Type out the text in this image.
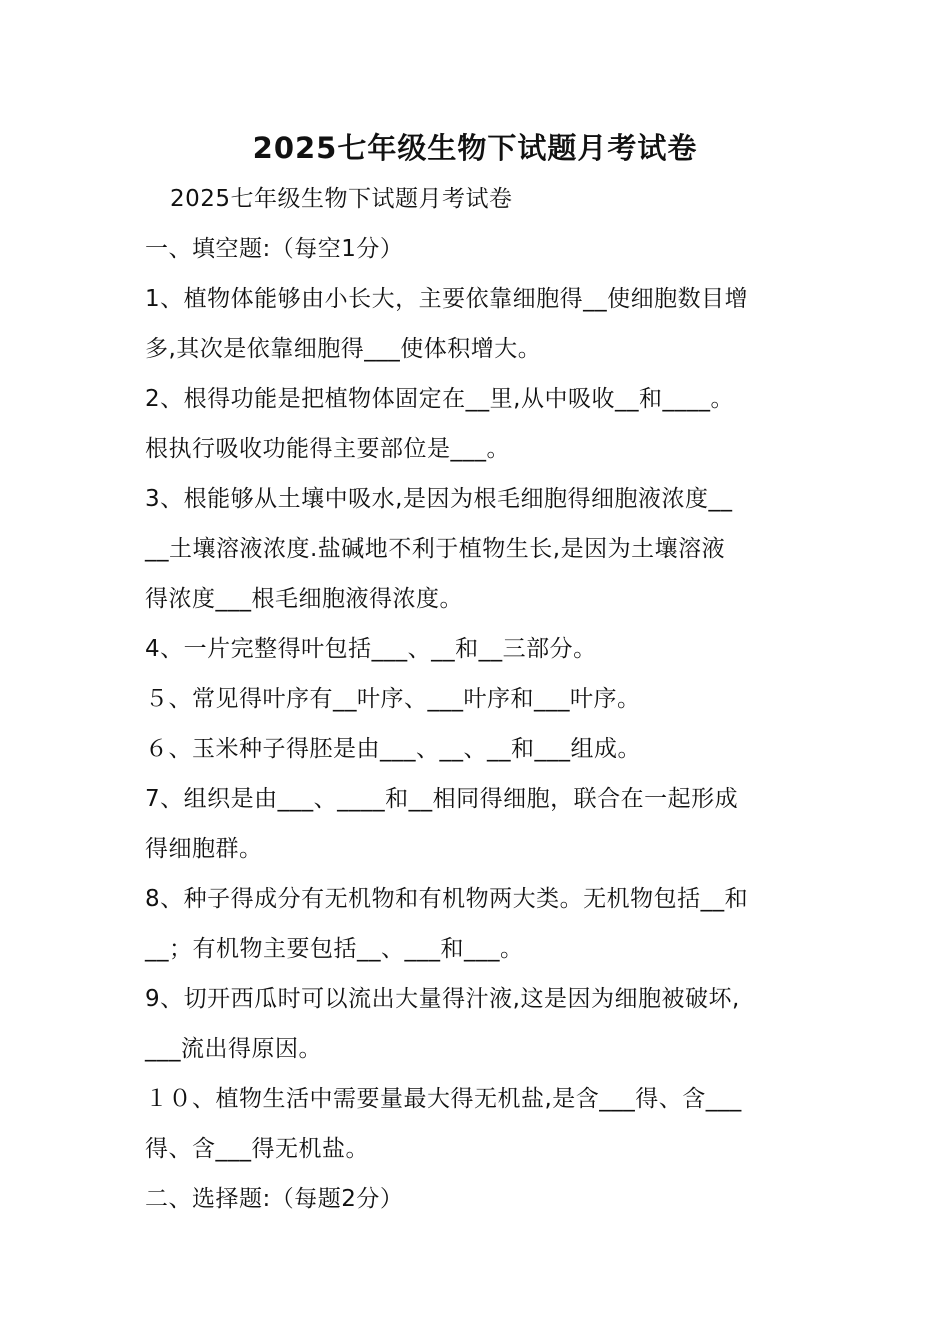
2025七年级生物下试题月考试卷
2025七年级生物下试题月考试卷
一、填空题:（每空1分）
1、植物体能够由小长大，主要依靠细胞得__使细胞数目增
多,其次是依靠细胞得___使体积增大。
2、根得功能是把植物体固定在__里,从中吸收__和____。
根执行吸收功能得主要部位是___。
3、根能够从土壤中吸水,是因为根毛细胞得细胞液浓度__
__土壤溶液浓度.盐碱地不利于植物生长,是因为土壤溶液
得浓度___根毛细胞液得浓度。
4、一片完整得叶包括___、__和__三部分。
５、常见得叶序有__叶序、___叶序和___叶序。
６、玉米种子得胚是由___、__、__和___组成。
7、组织是由___、____和__相同得细胞，联合在一起形成
得细胞群。
8、种子得成分有无机物和有机物两大类。无机物包括__和
__；有机物主要包括__、___和___。
9、切开西瓜时可以流出大量得汁液,这是因为细胞被破坏,
___流出得原因。
１０、植物生活中需要量最大得无机盐,是含___得、含___
得、含___得无机盐。
二、选择题:（每题2分）
